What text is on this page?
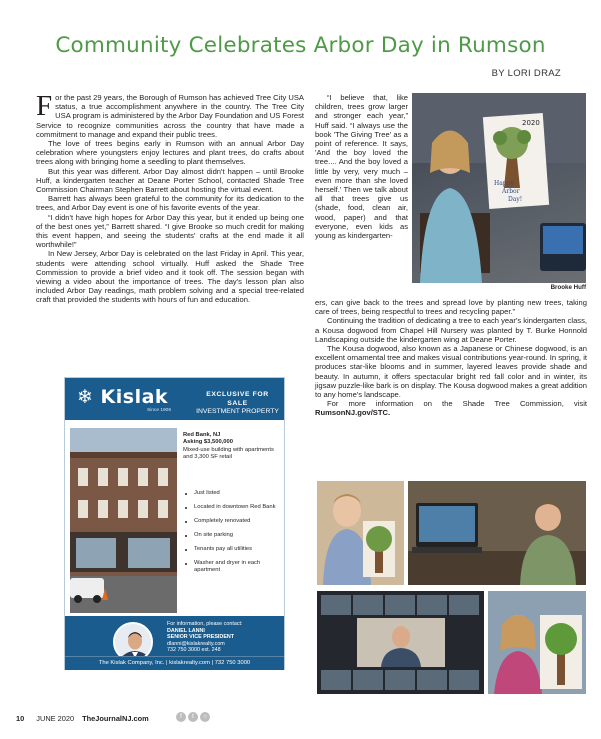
Community Celebrates Arbor Day in Rumson
BY LORI DRAZ

For the past 29 years, the Borough of Rumson has achieved Tree City USA status, a true accomplishment anywhere in the country. The Tree City USA program is administered by the Arbor Day Foundation and US Forest Service to recognize communities across the country that have made a commitment to manage and expand their public trees.

The love of trees begins early in Rumson with an annual Arbor Day celebration where youngsters enjoy lectures and plant trees, do crafts about trees along with bringing home a seedling to plant themselves.

But this year was different. Arbor Day almost didn't happen – until Brooke Huff, a kindergarten teacher at Deane Porter School, contacted Shade Tree Commission Chairman Stephen Barrett about hosting the virtual event.

Barrett has always been grateful to the community for its dedication to the trees, and Arbor Day event is one of his favorite events of the year.

“I didn't have high hopes for Arbor Day this year, but it ended up being one of the best ones yet,” Barrett shared. “I give Brooke so much credit for making this event happen, and seeing the students' crafts at the end made it all worthwhile!”

In New Jersey, Arbor Day is celebrated on the last Friday in April. This year, students were attending school virtually. Huff asked the Shade Tree Commission to provide a brief video and it took off. The session began with viewing a video about the importance of trees. The day's lesson plan also included Arbor Day readings, math problem solving and a special tree-related craft that provided the students with hours of fun and education.

“I believe that, like children, trees grow larger and stronger each year,” Huff said. “I always use the book 'The Giving Tree' as a point of reference. It says, 'And the boy loved the tree.... And the boy loved a little by very, very much – even more than she loved herself.' Then we talk about all that trees give us (shade, food, clean air, wood, paper) and that everyone, even kids as young as kindergarten-

2020
Happy
Arbor
Day!
Brooke Huff

ers, can give back to the trees and spread love by planting new trees, taking care of trees, being respectful to trees and recycling paper.”

Continuing the tradition of dedicating a tree to each year's kindergarten class, a Kousa dogwood from Chapel Hill Nursery was planted by T. Burke Honnold Landscaping outside the kindergarten wing at Deane Porter.

The Kousa dogwood, also known as a Japanese or Chinese dogwood, is an excellent ornamental tree and makes visual contributions year-round. In spring, it produces star-like blooms and in summer, layered leaves provide shade and beauty. In autumn, it offers spectacular bright red fall color and in winter, its jigsaw puzzle-like bark is on display. The Kousa dogwood makes a great addition to any home's landscape.

For more information on the Shade Tree Commission, visit RumsonNJ.gov/STC.

❄ Kislak
Since 1906
EXCLUSIVE FOR SALE
INVESTMENT PROPERTY
Red Bank, NJ
Asking $3,500,000
Mixed-use building with apartments and 3,300 SF retail
Just listed
Located in downtown Red Bank
Completely renovated
On site parking
Tenants pay all utilities
Washer and dryer in each apartment
For information, please contact:
DANIEL LANNI
SENIOR VICE PRESIDENT
dlanni@kislakrealty.com
732 750 3000 ext. 248
The Kislak Company, Inc. | kislakrealty.com | 732 750 3000
10 JUNE 2020 TheJournalNJ.com	f	t	○
